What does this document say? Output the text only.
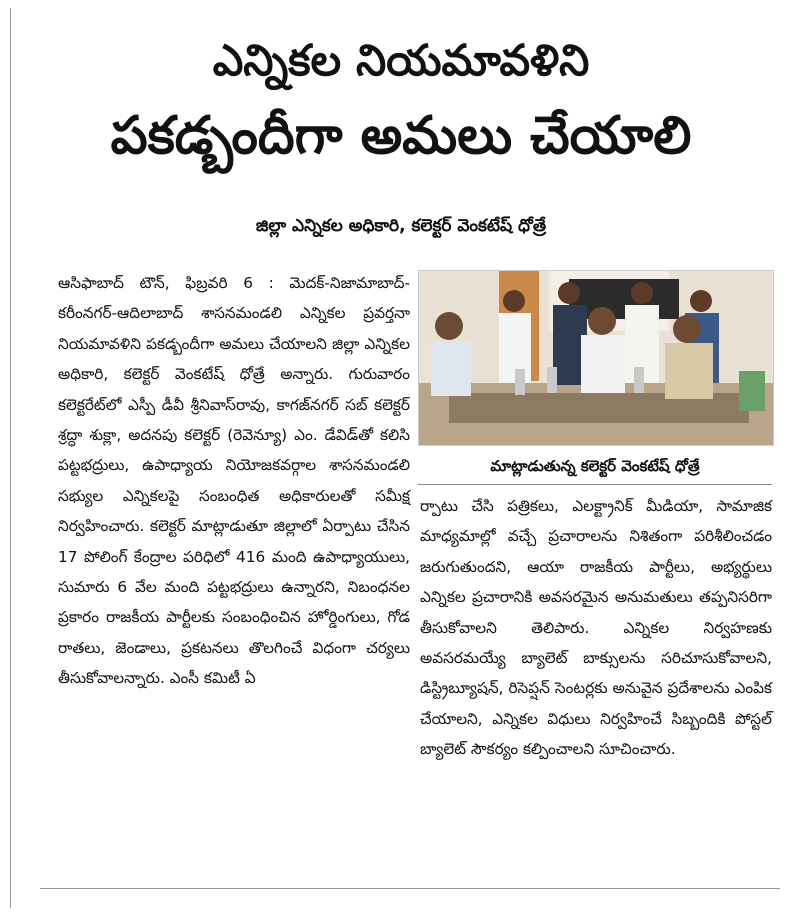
ఎన్నికల నియమావళిని
పకడ్బందీగా అమలు చేయాలి
జిల్లా ఎన్నికల అధికారి, కలెక్టర్ వెంకటేష్ ధోత్రే

ఆసిఫాబాద్ టౌన్, ఫిబ్రవరి 6 : మెదక్-నిజామాబాద్-కరీంనగర్-ఆదిలాబాద్ శాసనమండలి ఎన్నికల ప్రవర్తనా నియమావళిని పకడ్బందీగా అమలు చేయాలని జిల్లా ఎన్నికల అధికారి, కలెక్టర్ వెంకటేష్ ధోత్రే అన్నారు. గురువారం కలెక్టరేట్‌లో ఎస్పీ డీవీ శ్రీనివాస్‌రావు, కాగజ్‌నగర్ సబ్ కలెక్టర్ శ్రద్ధా శుక్లా, అదనపు కలెక్టర్ (రెవెన్యూ) ఎం. డేవిడ్‌తో కలిసి పట్టభద్రులు, ఉపాధ్యాయ నియోజకవర్గాల శాసనమండలి సభ్యుల ఎన్నికలపై సంబంధిత అధికారులతో సమీక్ష నిర్వహించారు. కలెక్టర్ మాట్లాడుతూ జిల్లాలో ఏర్పాటు చేసిన 17 పోలింగ్ కేంద్రాల పరిధిలో 416 మంది ఉపాధ్యాయులు, సుమారు 6 వేల మంది పట్టభద్రులు ఉన్నారని, నిబంధనల ప్రకారం రాజకీయ పార్టీలకు సంబంధించిన హోర్డింగులు, గోడ రాతలు, జెండాలు, ప్రకటనలు తొలగించే విధంగా చర్యలు తీసుకోవాలన్నారు. ఎంసీ కమిటీ ఏ

మాట్లాడుతున్న కలెక్టర్ వెంకటేష్ ధోత్రే

ర్పాటు చేసి పత్రికలు, ఎలక్ట్రానిక్ మీడియా, సామాజిక మాధ్యమాల్లో వచ్చే ప్రచారాలను నిశితంగా పరిశీలించడం జరుగుతుందని, ఆయా రాజకీయ పార్టీలు, అభ్యర్థులు ఎన్నికల ప్రచారానికి అవసరమైన అనుమతులు తప్పనిసరిగా తీసుకోవాలని తెలిపారు. ఎన్నికల నిర్వహణకు అవసరమయ్యే బ్యాలెట్ బాక్సులను సరిచూసుకోవాలని, డిస్ట్రిబ్యూషన్, రిసెప్షన్ సెంటర్లకు అనువైన ప్రదేశాలను ఎంపిక చేయాలని, ఎన్నికల విధులు నిర్వహించే సిబ్బందికి పోస్టల్ బ్యాలెట్ సౌకర్యం కల్పించాలని సూచించారు.
